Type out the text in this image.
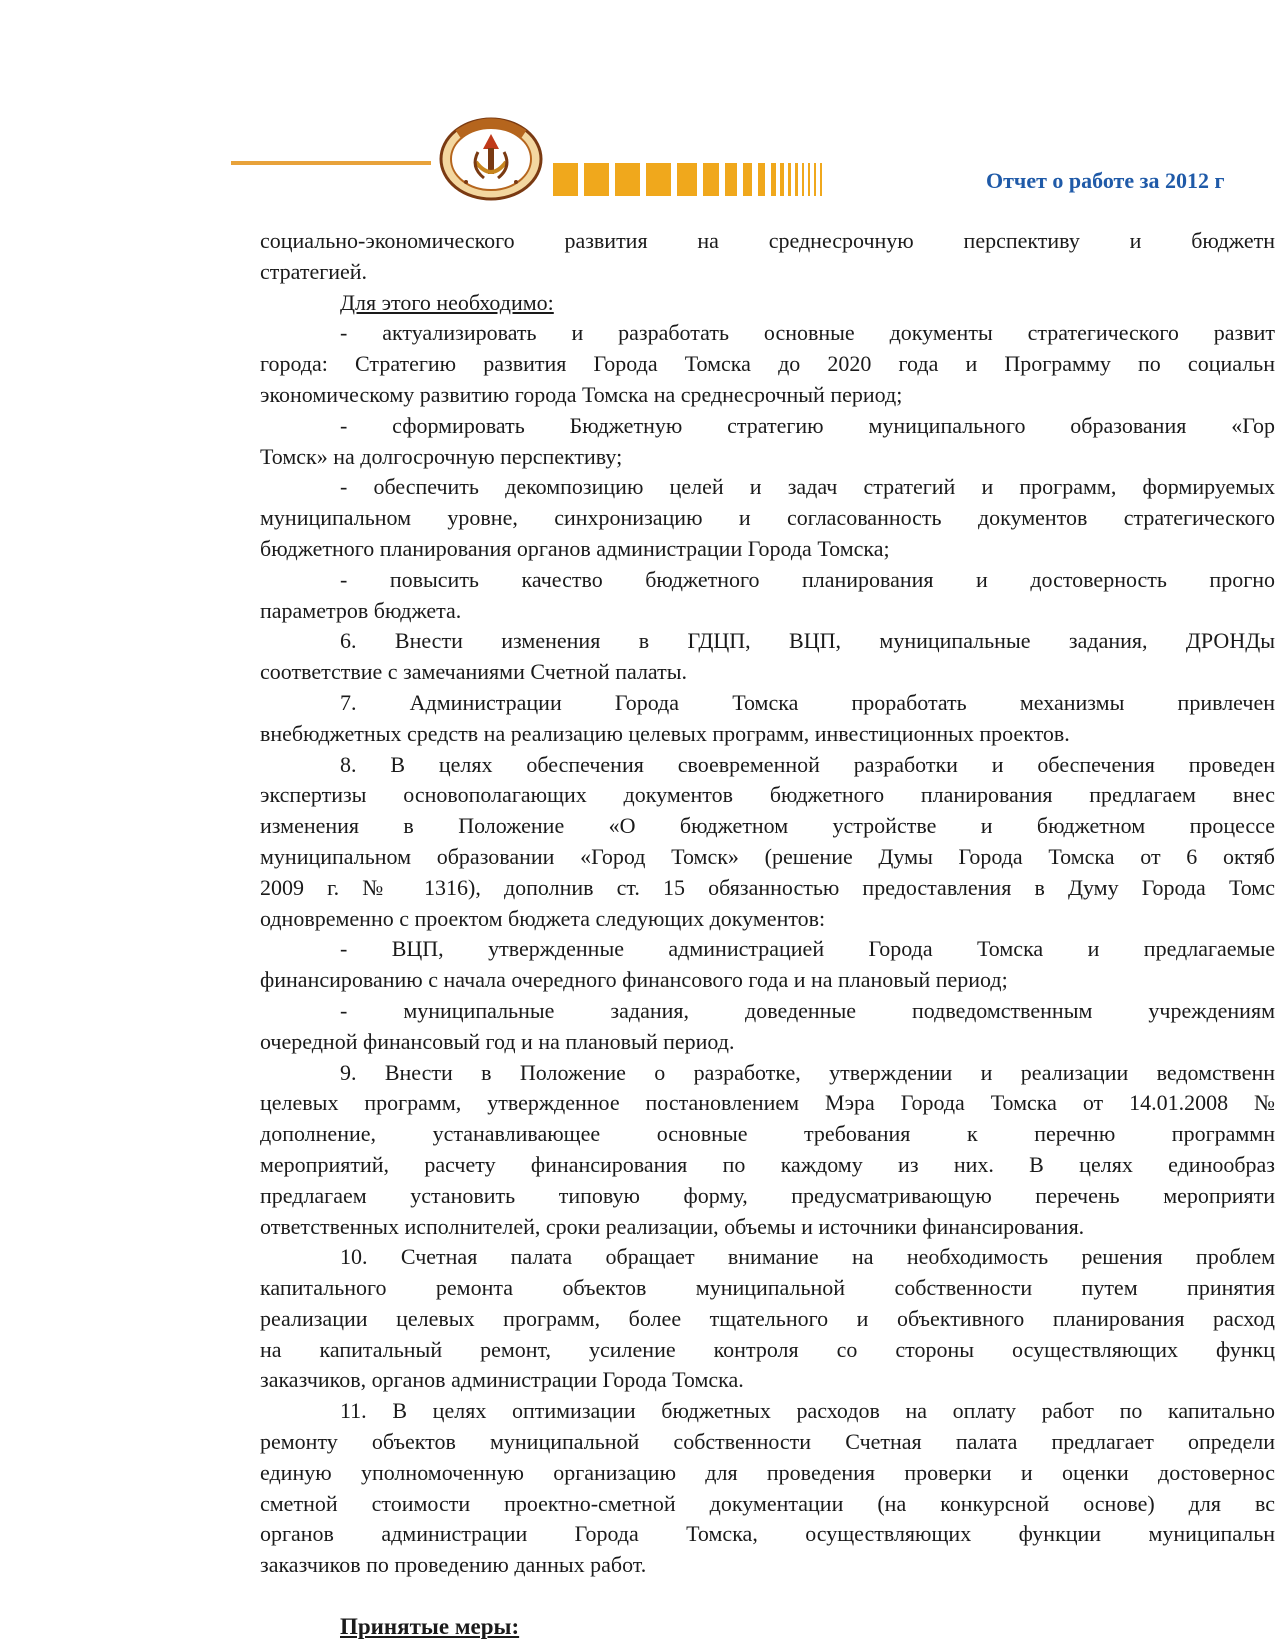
Отчет о работе за 2012 г
социально-экономического развития на среднесрочную перспективу и бюджетн
стратегией.
Для этого необходимо:
- актуализировать и разработать основные документы стратегического развит
города: Стратегию развития Города Томска до 2020 года и Программу по социальн
экономическому развитию города Томска на среднесрочный период;
- сформировать Бюджетную стратегию муниципального образования «Гор
Томск» на долгосрочную перспективу;
- обеспечить декомпозицию целей и задач стратегий и программ, формируемых
муниципальном уровне, синхронизацию и согласованность документов стратегического
бюджетного планирования органов администрации Города Томска;
- повысить качество бюджетного планирования и достоверность прогно
параметров бюджета.
6. Внести изменения в ГДЦП, ВЦП, муниципальные задания, ДРОНДы
соответствие с замечаниями Счетной палаты.
7. Администрации Города Томска проработать механизмы привлечен
внебюджетных средств на реализацию целевых программ, инвестиционных проектов.
8. В целях обеспечения своевременной разработки и обеспечения проведен
экспертизы основополагающих документов бюджетного планирования предлагаем внес
изменения в Положение «О бюджетном устройстве и бюджетном процессе
муниципальном образовании «Город Томск» (решение Думы Города Томска от 6 октяб
2009 г. № 1316), дополнив ст. 15 обязанностью предоставления в Думу Города Томс
одновременно с проектом бюджета следующих документов:
- ВЦП, утвержденные администрацией Города Томска и предлагаемые
финансированию с начала очередного финансового года и на плановый период;
- муниципальные задания, доведенные подведомственным учреждениям
очередной финансовый год и на плановый период.
9. Внести в Положение о разработке, утверждении и реализации ведомственн
целевых программ, утвержденное постановлением Мэра Города Томска от 14.01.2008 №
дополнение, устанавливающее основные требования к перечню программн
мероприятий, расчету финансирования по каждому из них. В целях единообраз
предлагаем установить типовую форму, предусматривающую перечень мероприяти
ответственных исполнителей, сроки реализации, объемы и источники финансирования.
10. Счетная палата обращает внимание на необходимость решения проблем
капитального ремонта объектов муниципальной собственности путем принятия
реализации целевых программ, более тщательного и объективного планирования расход
на капитальный ремонт, усиление контроля со стороны осуществляющих функц
заказчиков, органов администрации Города Томска.
11. В целях оптимизации бюджетных расходов на оплату работ по капитально
ремонту объектов муниципальной собственности Счетная палата предлагает определи
единую уполномоченную организацию для проведения проверки и оценки достовернос
сметной стоимости проектно-сметной документации (на конкурсной основе) для вс
органов администрации Города Томска, осуществляющих функции муниципальн
заказчиков по проведению данных работ.
Принятые меры:
